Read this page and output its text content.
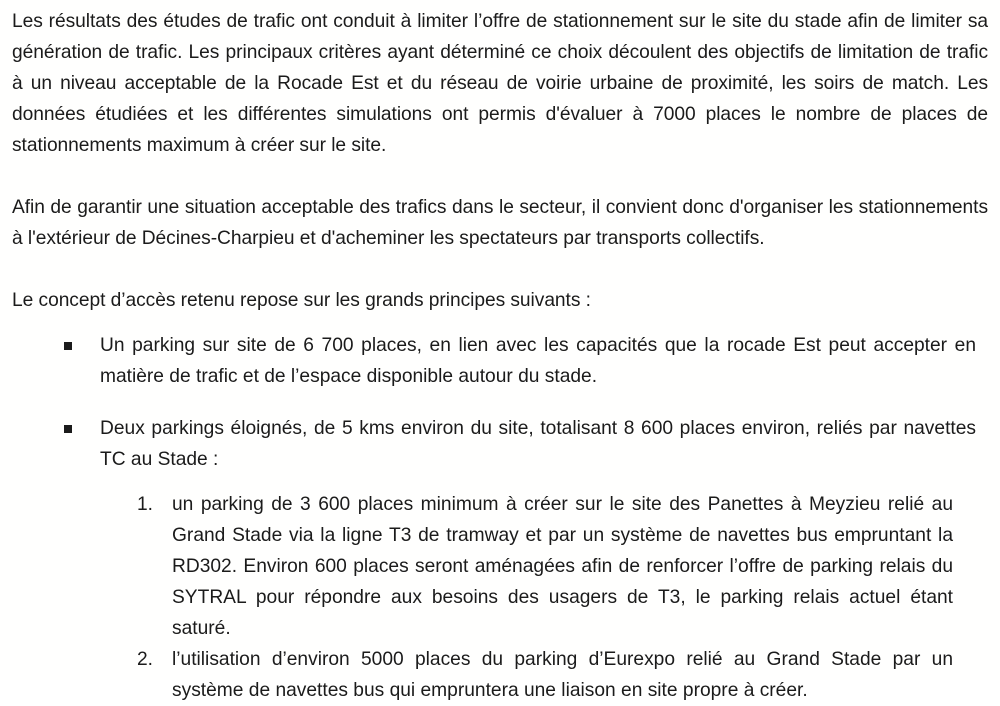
Les résultats des études de trafic ont conduit à limiter l’offre de stationnement sur le site du stade afin de limiter sa génération de trafic. Les principaux critères ayant déterminé ce choix découlent des objectifs de limitation de trafic à un niveau acceptable de la Rocade Est et du réseau de voirie urbaine de proximité, les soirs de match. Les données étudiées et les différentes simulations ont permis d'évaluer à 7000 places le nombre de places de stationnements maximum à créer sur le site.

Afin de garantir une situation acceptable des trafics dans le secteur, il convient donc d'organiser les stationnements à l'extérieur de Décines-Charpieu et d'acheminer les spectateurs par transports collectifs.

Le concept d’accès retenu repose sur les grands principes suivants :

Un parking sur site de 6 700 places, en lien avec les capacités que la rocade Est peut accepter en matière de trafic et de l’espace disponible autour du stade.
Deux parkings éloignés, de 5 kms environ du site, totalisant 8 600 places environ, reliés par navettes TC au Stade :
1. un parking de 3 600 places minimum à créer sur le site des Panettes à Meyzieu relié au Grand Stade via la ligne T3 de tramway et par un système de navettes bus empruntant la RD302. Environ 600 places seront aménagées afin de renforcer l’offre de parking relais du SYTRAL pour répondre aux besoins des usagers de T3, le parking relais actuel étant saturé.
2. l’utilisation d’environ 5000 places du parking d’Eurexpo relié au Grand Stade par un système de navettes bus qui empruntera une liaison en site propre à créer.
